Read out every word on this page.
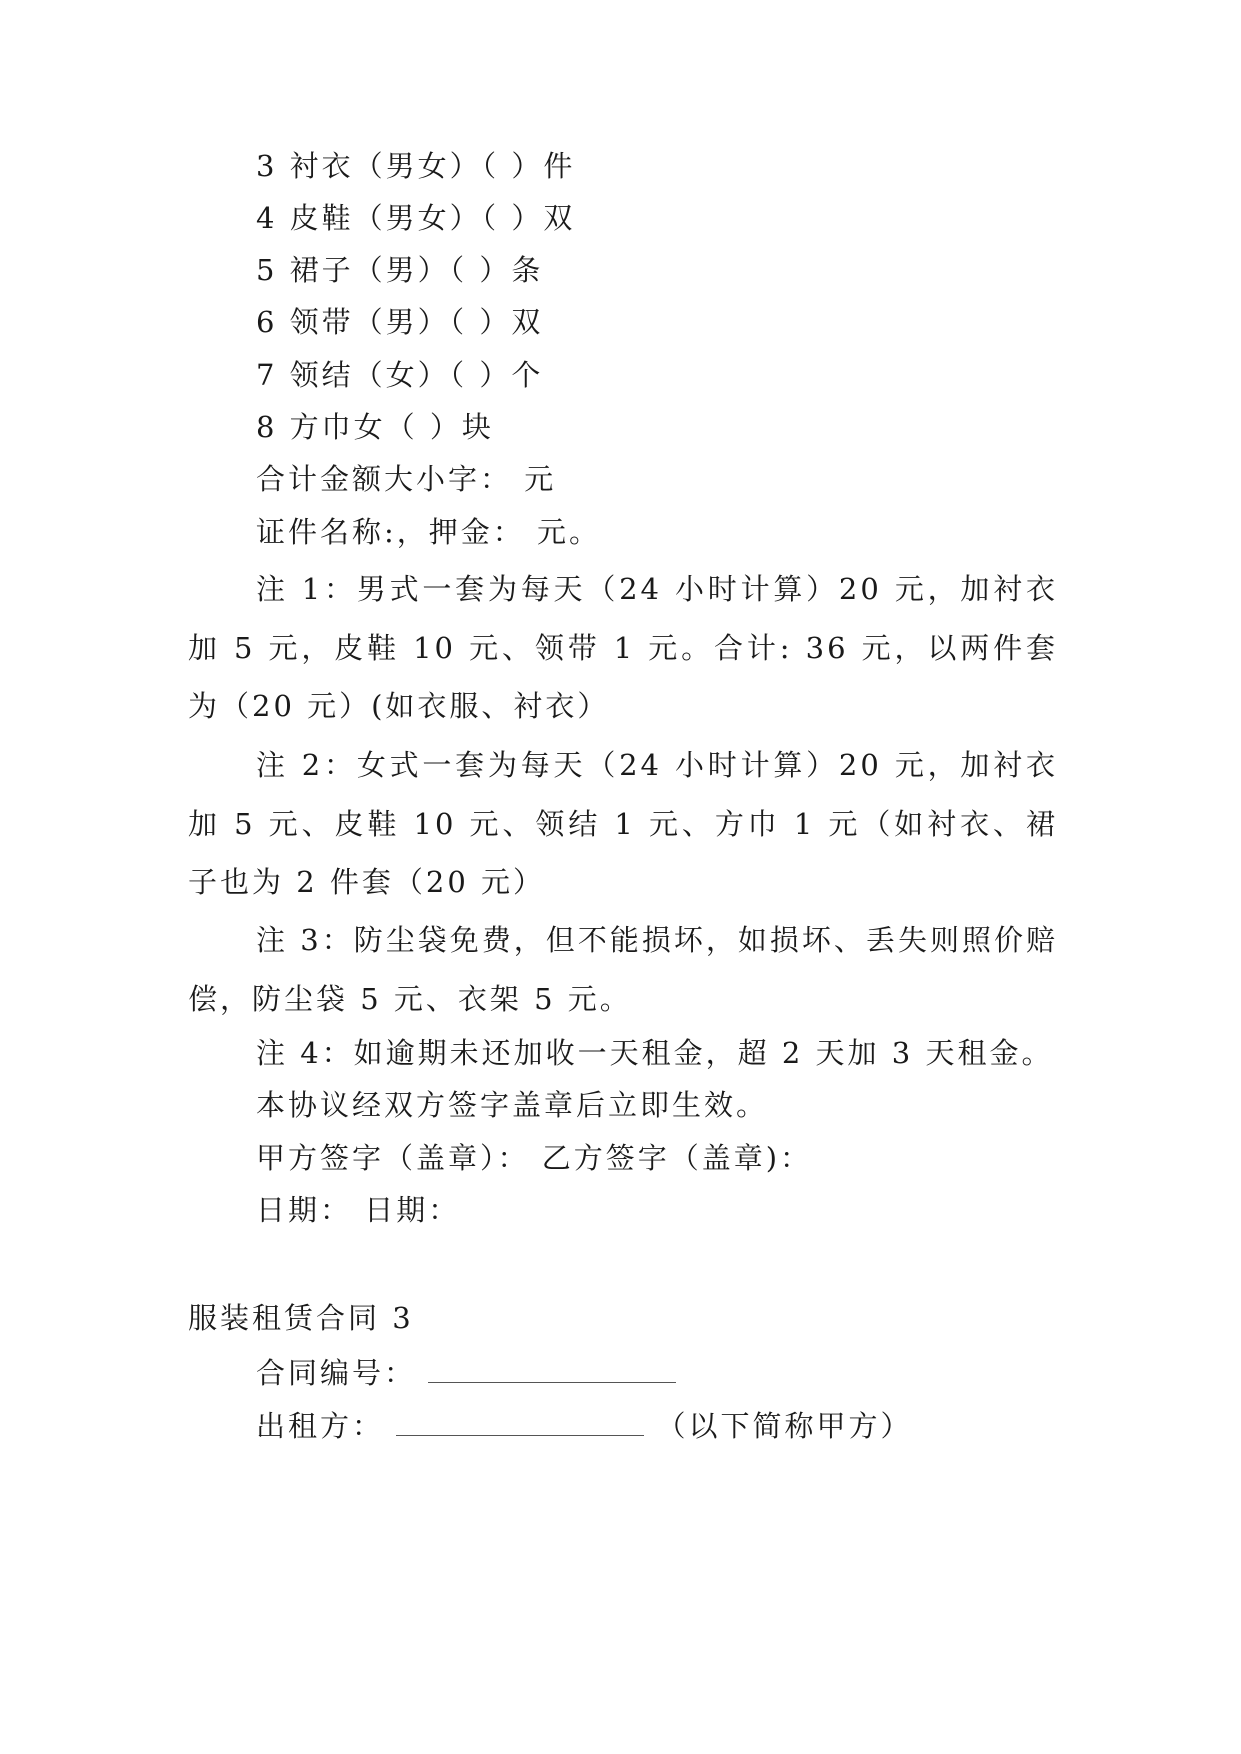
3 衬衣（男女）（ ）件
4 皮鞋（男女）（ ）双
5 裙子（男）（ ）条
6 领带（男）（ ）双
7 领结（女）（ ）个
8 方巾女（ ）块
合计金额大小字： 元
证件名称:，押金： 元。
注 1：男式一套为每天（24 小时计算）20 元，加衬衣加 5 元，皮鞋 10 元、领带 1 元。合计: 36 元，以两件套为（20 元）(如衣服、衬衣）
注 2：女式一套为每天（24 小时计算）20 元，加衬衣加 5 元、皮鞋 10 元、领结 1 元、方巾 1 元（如衬衣、裙子也为 2 件套（20 元）
注 3：防尘袋免费，但不能损坏，如损坏、丢失则照价赔偿，防尘袋 5 元、衣架 5 元。
注 4：如逾期未还加收一天租金，超 2 天加 3 天租金。
本协议经双方签字盖章后立即生效。
甲方签字（盖章）： 乙方签字（盖章)：
日期： 日期：
服装租赁合同 3
合同编号：
出租方：	（以下简称甲方）
